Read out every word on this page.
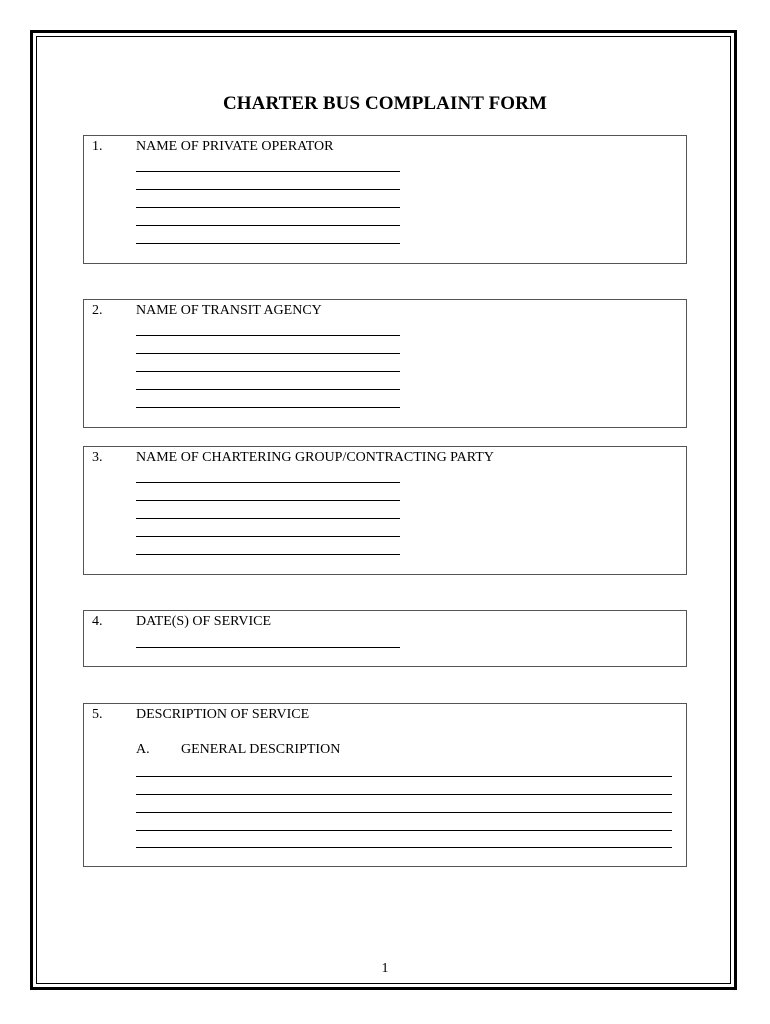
CHARTER BUS COMPLAINT FORM
1. NAME OF PRIVATE OPERATOR
2. NAME OF TRANSIT AGENCY
3. NAME OF CHARTERING GROUP/CONTRACTING PARTY
4. DATE(S) OF SERVICE
5. DESCRIPTION OF SERVICE
A. GENERAL DESCRIPTION
1
